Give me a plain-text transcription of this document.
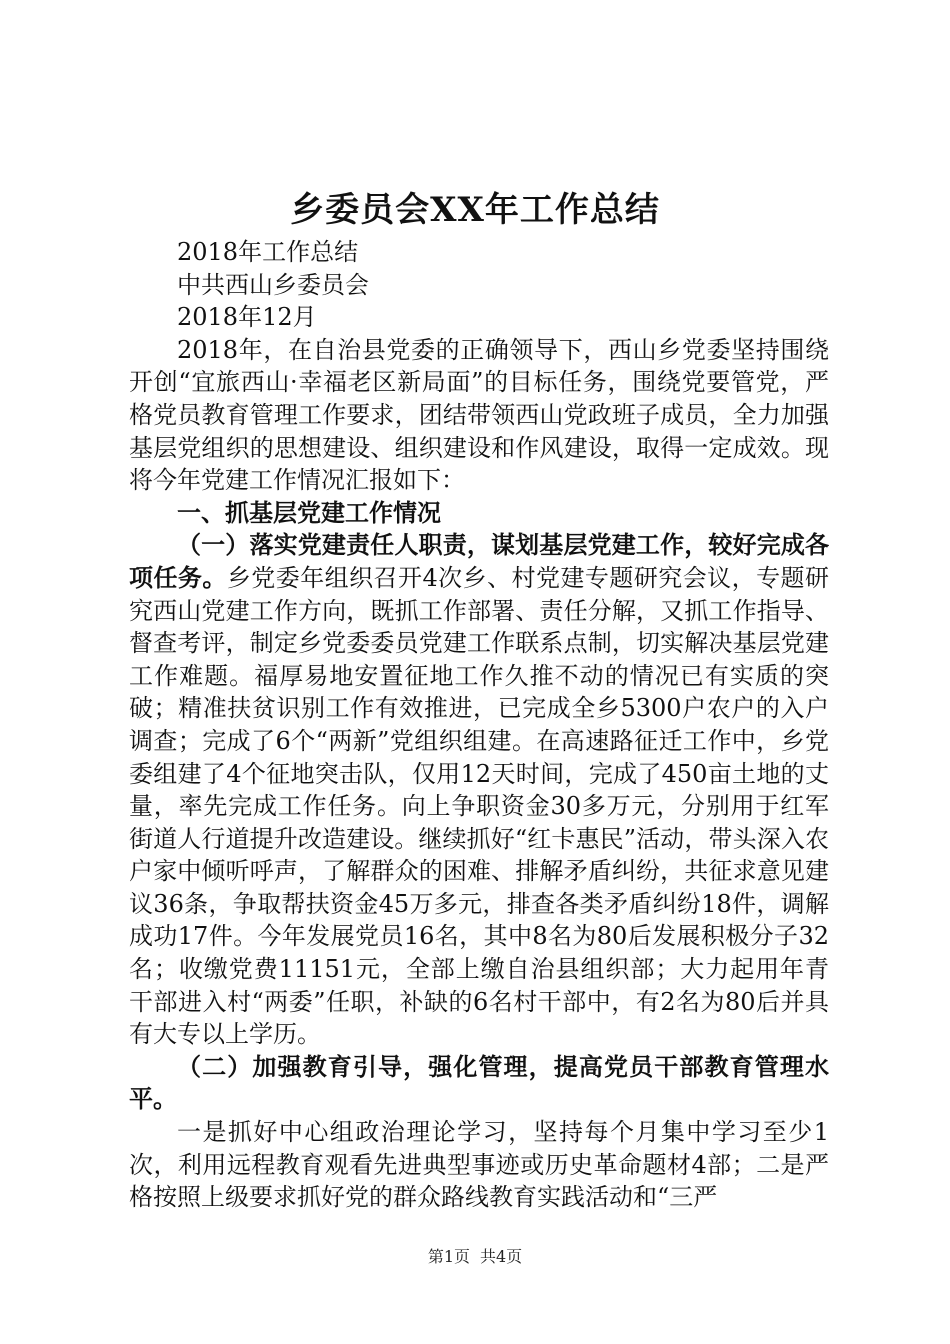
乡委员会XX年工作总结

2018年工作总结

中共西山乡委员会

2018年12月

2018年，在自治县党委的正确领导下，西山乡党委坚持围绕开创“宜旅西山·幸福老区新局面”的目标任务，围绕党要管党，严格党员教育管理工作要求，团结带领西山党政班子成员，全力加强基层党组织的思想建设、组织建设和作风建设，取得一定成效。现将今年党建工作情况汇报如下：

一、抓基层党建工作情况

（一）落实党建责任人职责，谋划基层党建工作，较好完成各项任务。乡党委年组织召开4次乡、村党建专题研究会议，专题研究西山党建工作方向，既抓工作部署、责任分解，又抓工作指导、督查考评，制定乡党委委员党建工作联系点制，切实解决基层党建工作难题。福厚易地安置征地工作久推不动的情况已有实质的突破；精准扶贫识别工作有效推进，已完成全乡5300户农户的入户调查；完成了6个“两新”党组织组建。在高速路征迁工作中，乡党委组建了4个征地突击队，仅用12天时间，完成了450亩土地的丈量，率先完成工作任务。向上争职资金30多万元，分别用于红军街道人行道提升改造建设。继续抓好“红卡惠民”活动，带头深入农户家中倾听呼声，了解群众的困难、排解矛盾纠纷，共征求意见建议36条，争取帮扶资金45万多元，排查各类矛盾纠纷18件，调解成功17件。今年发展党员16名，其中8名为80后发展积极分子32名；收缴党费11151元，全部上缴自治县组织部；大力起用年青干部进入村“两委”任职，补缺的6名村干部中，有2名为80后并具有大专以上学历。

（二）加强教育引导，强化管理，提高党员干部教育管理水平。

一是抓好中心组政治理论学习，坚持每个月集中学习至少1次，利用远程教育观看先进典型事迹或历史革命题材4部；二是严格按照上级要求抓好党的群众路线教育实践活动和“三严

第1页 共4页
